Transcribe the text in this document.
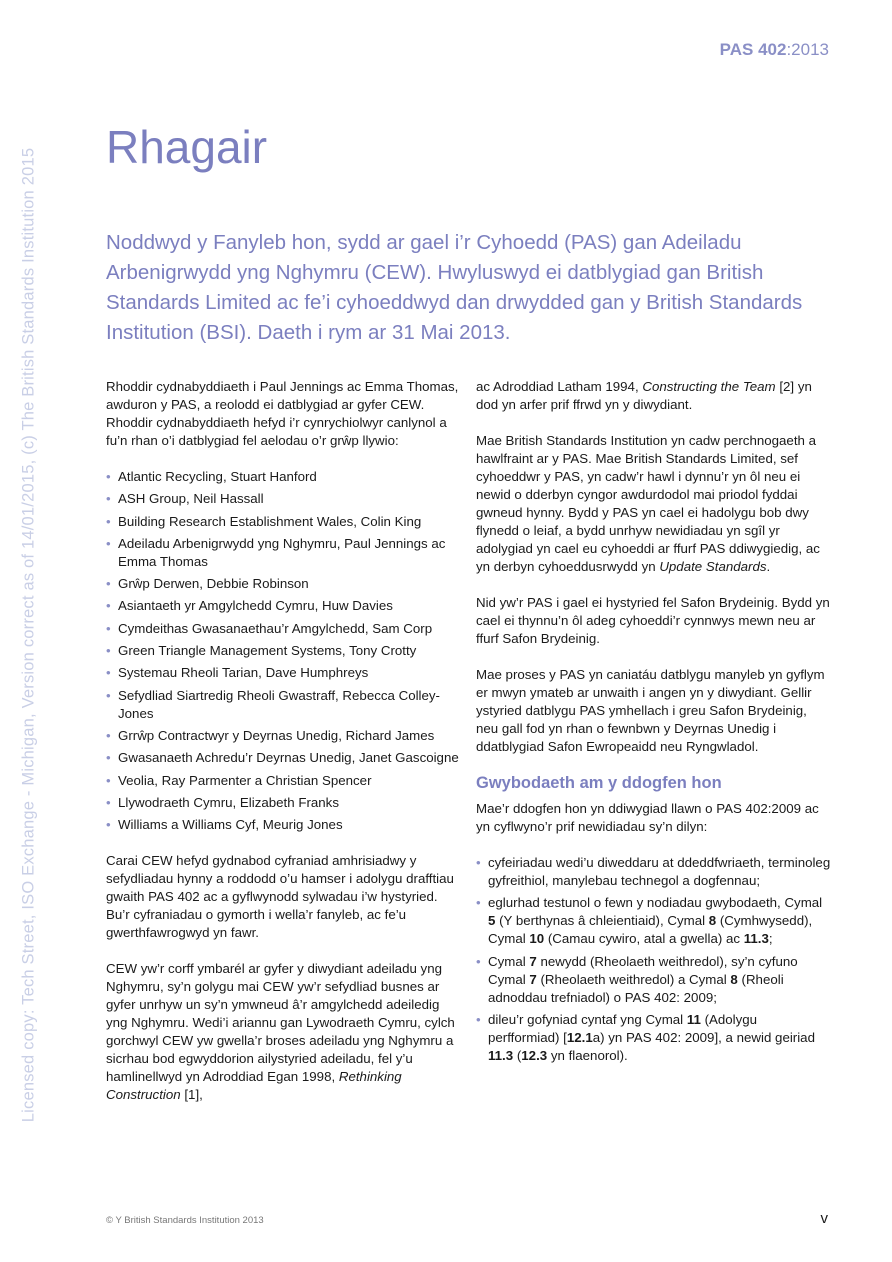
Licensed copy: Tech Street, ISO Exchange - Michigan, Version correct as of 14/01/2015, (c) The British Standards Institution 2015
PAS 402:2013
Rhagair

Noddwyd y Fanyleb hon, sydd ar gael i’r Cyhoedd (PAS) gan Adeiladu Arbenigrwydd yng Nghymru (CEW). Hwyluswyd ei datblygiad gan British Standards Limited ac fe’i cyhoeddwyd dan drwydded gan y British Standards Institution (BSI). Daeth i rym ar 31 Mai 2013.

Rhoddir cydnabyddiaeth i Paul Jennings ac Emma Thomas, awduron y PAS, a reolodd ei datblygiad ar gyfer CEW. Rhoddir cydnabyddiaeth hefyd i’r cynrychiolwyr canlynol a fu’n rhan o’i datblygiad fel aelodau o’r grŵp llywio:

• Atlantic Recycling, Stuart Hanford
• ASH Group, Neil Hassall
• Building Research Establishment Wales, Colin King
• Adeiladu Arbenigrwydd yng Nghymru, Paul Jennings ac Emma Thomas
• Grŵp Derwen, Debbie Robinson
• Asiantaeth yr Amgylchedd Cymru, Huw Davies
• Cymdeithas Gwasanaethau’r Amgylchedd, Sam Corp
• Green Triangle Management Systems, Tony Crotty
• Systemau Rheoli Tarian, Dave Humphreys
• Sefydliad Siartredig Rheoli Gwastraff, Rebecca Colley-Jones
• Grrŵp Contractwyr y Deyrnas Unedig, Richard James
• Gwasanaeth Achredu’r Deyrnas Unedig, Janet Gascoigne
• Veolia, Ray Parmenter a Christian Spencer
• Llywodraeth Cymru, Elizabeth Franks
• Williams a Williams Cyf, Meurig Jones

Carai CEW hefyd gydnabod cyfraniad amhrisiadwy y sefydliadau hynny a roddodd o’u hamser i adolygu drafftiau gwaith PAS 402 ac a gyflwynodd sylwadau i’w hystyried. Bu’r cyfraniadau o gymorth i wella’r fanyleb, ac fe’u gwerthfawrogwyd yn fawr.

CEW yw’r corff ymbarél ar gyfer y diwydiant adeiladu yng Nghymru, sy’n golygu mai CEW yw’r sefydliad busnes ar gyfer unrhyw un sy’n ymwneud â’r amgylchedd adeiledig yng Nghymru. Wedi’i ariannu gan Lywodraeth Cymru, cylch gorchwyl CEW yw gwella’r broses adeiladu yng Nghymru a sicrhau bod egwyddorion ailystyried adeiladu, fel y’u hamlinellwyd yn Adroddiad Egan 1998, Rethinking Construction [1],

ac Adroddiad Latham 1994, Constructing the Team [2] yn dod yn arfer prif ffrwd yn y diwydiant.

Mae British Standards Institution yn cadw perchnogaeth a hawlfraint ar y PAS. Mae British Standards Limited, sef cyhoeddwr y PAS, yn cadw’r hawl i dynnu’r yn ôl neu ei newid o dderbyn cyngor awdurdodol mai priodol fyddai gwneud hynny. Bydd y PAS yn cael ei hadolygu bob dwy flynedd o leiaf, a bydd unrhyw newidiadau yn sgîl yr adolygiad yn cael eu cyhoeddi ar ffurf PAS ddiwygiedig, ac yn derbyn cyhoeddusrwydd yn Update Standards.

Nid yw’r PAS i gael ei hystyried fel Safon Brydeinig. Bydd yn cael ei thynnu’n ôl adeg cyhoeddi’r cynnwys mewn neu ar ffurf Safon Brydeinig.

Mae proses y PAS yn caniatáu datblygu manyleb yn gyflym er mwyn ymateb ar unwaith i angen yn y diwydiant. Gellir ystyried datblygu PAS ymhellach i greu Safon Brydeinig, neu gall fod yn rhan o fewnbwn y Deyrnas Unedig i ddatblygiad Safon Ewropeaidd neu Ryngwladol.

Gwybodaeth am y ddogfen hon

Mae’r ddogfen hon yn ddiwygiad llawn o PAS 402:2009 ac yn cyflwyno’r prif newidiadau sy’n dilyn:

• cyfeiriadau wedi’u diweddaru at ddeddfwriaeth, terminoleg gyfreithiol, manylebau technegol a dogfennau;
• eglurhad testunol o fewn y nodiadau gwybodaeth, Cymal 5 (Y berthynas â chleientiaid), Cymal 8 (Cymhwysedd), Cymal 10 (Camau cywiro, atal a gwella) ac 11.3;
• Cymal 7 newydd (Rheolaeth weithredol), sy’n cyfuno Cymal 7 (Rheolaeth weithredol) a Cymal 8 (Rheoli adnoddau trefniadol) o PAS 402: 2009;
• dileu’r gofyniad cyntaf yng Cymal 11 (Adolygu perfformiad) [12.1a) yn PAS 402: 2009], a newid geiriad 11.3 (12.3 yn flaenorol).
© Y British Standards Institution 2013	v
